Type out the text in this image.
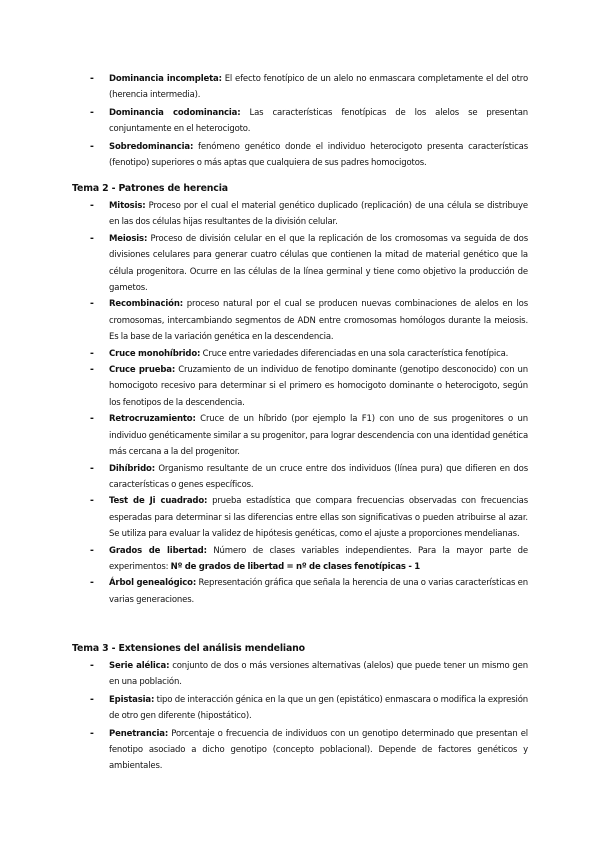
- Dominancia incompleta: El efecto fenotípico de un alelo no enmascara completamente el del otro (herencia intermedia).
- Dominancia codominancia: Las características fenotípicas de los alelos se presentan conjuntamente en el heterocigoto.
- Sobredominancia: fenómeno genético donde el individuo heterocigoto presenta características (fenotipo) superiores o más aptas que cualquiera de sus padres homocigotos.
Tema 2 - Patrones de herencia
- Mitosis: Proceso por el cual el material genético duplicado (replicación) de una célula se distribuye en las dos células hijas resultantes de la división celular.
- Meiosis: Proceso de división celular en el que la replicación de los cromosomas va seguida de dos divisiones celulares para generar cuatro células que contienen la mitad de material genético que la célula progenitora. Ocurre en las células de la línea germinal y tiene como objetivo la producción de gametos.
- Recombinación: proceso natural por el cual se producen nuevas combinaciones de alelos en los cromosomas, intercambiando segmentos de ADN entre cromosomas homólogos durante la meiosis. Es la base de la variación genética en la descendencia.
- Cruce monohíbrido: Cruce entre variedades diferenciadas en una sola característica fenotípica.
- Cruce prueba: Cruzamiento de un individuo de fenotipo dominante (genotipo desconocido) con un homocigoto recesivo para determinar si el primero es homocigoto dominante o heterocigoto, según los fenotipos de la descendencia.
- Retrocruzamiento: Cruce de un híbrido (por ejemplo la F1) con uno de sus progenitores o un individuo genéticamente similar a su progenitor, para lograr descendencia con una identidad genética más cercana a la del progenitor.
- Dihíbrido: Organismo resultante de un cruce entre dos individuos (línea pura) que difieren en dos características o genes específicos.
- Test de Ji cuadrado: prueba estadística que compara frecuencias observadas con frecuencias esperadas para determinar si las diferencias entre ellas son significativas o pueden atribuirse al azar. Se utiliza para evaluar la validez de hipótesis genéticas, como el ajuste a proporciones mendelianas.
- Grados de libertad: Número de clases variables independientes. Para la mayor parte de experimentos: Nº de grados de libertad = nº de clases fenotípicas - 1
- Árbol genealógico: Representación gráfica que señala la herencia de una o varias características en varias generaciones.
Tema 3 - Extensiones del análisis mendeliano
- Serie alélica: conjunto de dos o más versiones alternativas (alelos) que puede tener un mismo gen en una población.
- Epistasia: tipo de interacción génica en la que un gen (epistático) enmascara o modifica la expresión de otro gen diferente (hipostático).
- Penetrancia: Porcentaje o frecuencia de individuos con un genotipo determinado que presentan el fenotipo asociado a dicho genotipo (concepto poblacional). Depende de factores genéticos y ambientales.
